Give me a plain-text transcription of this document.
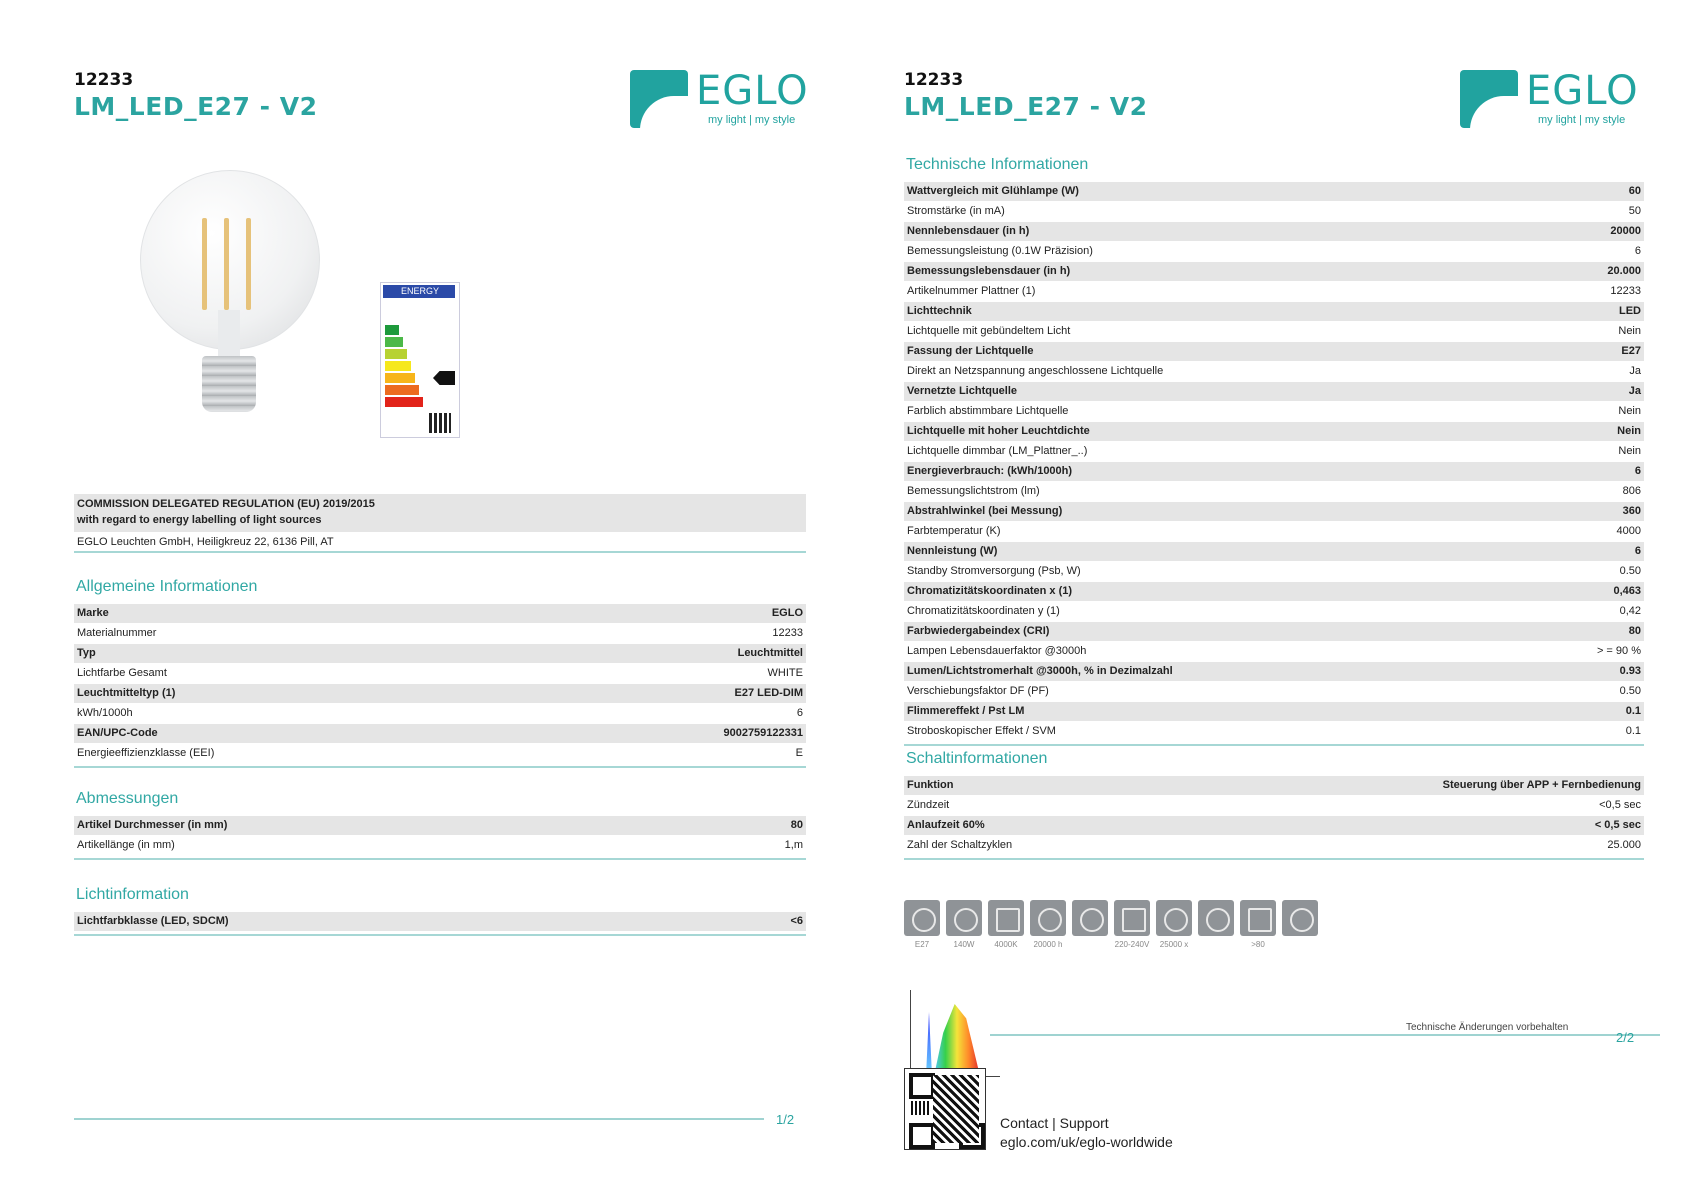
12233
LM_LED_E27 - V2	EGLO
my light | my style
ENERGY
COMMISSION DELEGATED REGULATION (EU) 2019/2015
with regard to energy labelling of light sources
EGLO Leuchten GmbH, Heiligkreuz 22, 6136 Pill, AT
Allgemeine Informationen
Marke	EGLO
Materialnummer	12233
Typ	Leuchtmittel
Lichtfarbe Gesamt	WHITE
Leuchtmitteltyp (1)	E27 LED-DIM
kWh/1000h	6
EAN/UPC-Code	9002759122331
Energieeffizienzklasse (EEI)	E
Abmessungen
Artikel Durchmesser (in mm)	80
Artikellänge (in mm)	1,m
Lichtinformation
Lichtfarbklasse (LED, SDCM)	<6
1/2
12233
LM_LED_E27 - V2	EGLO
my light | my style
Technische Informationen
Wattvergleich mit Glühlampe (W)	60
Stromstärke (in mA)	50
Nennlebensdauer (in h)	20000
Bemessungsleistung (0.1W Präzision)	6
Bemessungslebensdauer (in h)	20.000
Artikelnummer Plattner (1)	12233
Lichttechnik	LED
Lichtquelle mit gebündeltem Licht	Nein
Fassung der Lichtquelle	E27
Direkt an Netzspannung angeschlossene Lichtquelle	Ja
Vernetzte Lichtquelle	Ja
Farblich abstimmbare Lichtquelle	Nein
Lichtquelle mit hoher Leuchtdichte	Nein
Lichtquelle dimmbar (LM_Plattner_..)	Nein
Energieverbrauch: (kWh/1000h)	6
Bemessungslichtstrom (lm)	806
Abstrahlwinkel (bei Messung)	360
Farbtemperatur (K)	4000
Nennleistung (W)	6
Standby Stromversorgung (Psb, W)	0.50
Chromatizitätskoordinaten x (1)	0,463
Chromatizitätskoordinaten y (1)	0,42
Farbwiedergabeindex (CRI)	80
Lampen Lebensdauerfaktor @3000h	> = 90 %
Lumen/Lichtstromerhalt @3000h, % in Dezimalzahl	0.93
Verschiebungsfaktor DF (PF)	0.50
Flimmereffekt / Pst LM	0.1
Stroboskopischer Effekt / SVM	0.1
Schaltinformationen
Funktion	Steuerung über APP + Fernbedienung
Zündzeit	<0,5 sec
Anlaufzeit 60%	< 0,5 sec
Zahl der Schaltzyklen	25.000
E27	140W	4000K	20000 h	220-240V	25000 x	>80
Technische Änderungen vorbehalten
2/2
Contact | Support
eglo.com/uk/eglo-worldwide
